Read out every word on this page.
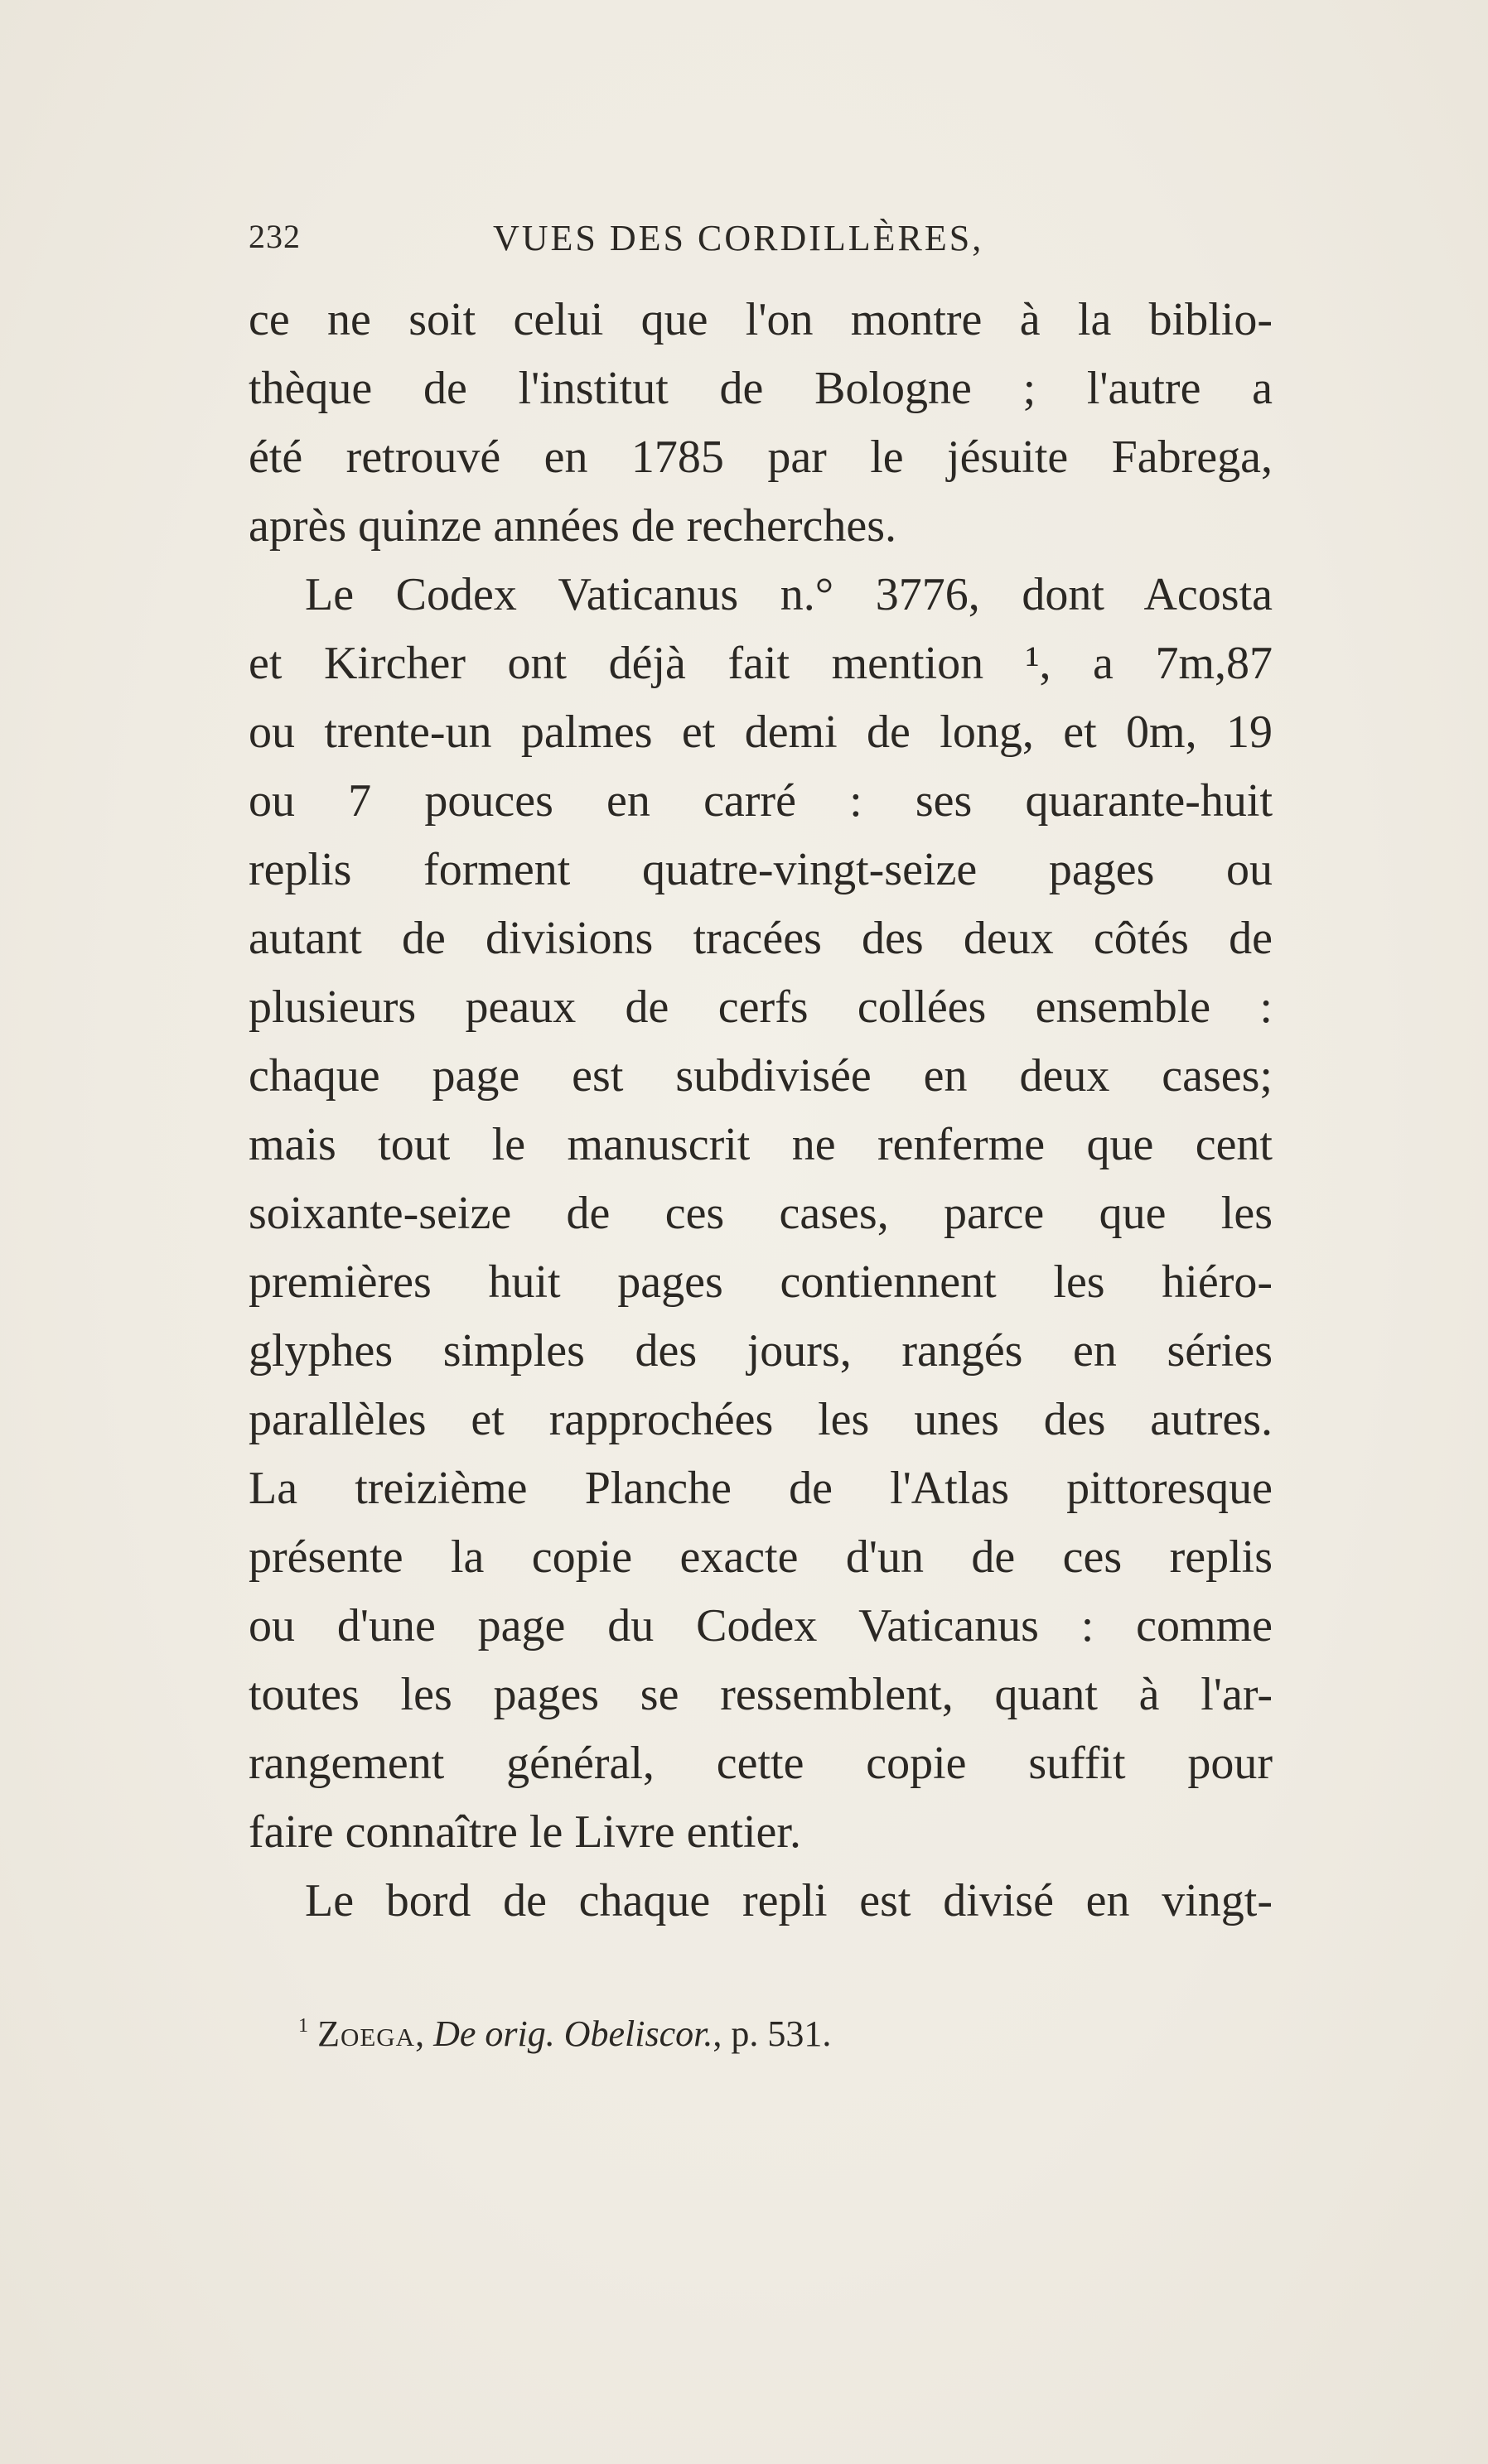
232	VUES DES CORDILLÈRES,
ce ne soit celui que l'on montre à la biblio-
thèque de l'institut de Bologne ; l'autre a
été retrouvé en 1785 par le jésuite Fabrega,
après quinze années de recherches.
Le Codex Vaticanus n.° 3776, dont Acosta
et Kircher ont déjà fait mention ¹, a 7m,87
ou trente-un palmes et demi de long, et 0m, 19
ou 7 pouces en carré : ses quarante-huit
replis forment quatre-vingt-seize pages ou
autant de divisions tracées des deux côtés de
plusieurs peaux de cerfs collées ensemble :
chaque page est subdivisée en deux cases;
mais tout le manuscrit ne renferme que cent
soixante-seize de ces cases, parce que les
premières huit pages contiennent les hiéro-
glyphes simples des jours, rangés en séries
parallèles et rapprochées les unes des autres.
La treizième Planche de l'Atlas pittoresque
présente la copie exacte d'un de ces replis
ou d'une page du Codex Vaticanus : comme
toutes les pages se ressemblent, quant à l'ar-
rangement général, cette copie suffit pour
faire connaître le Livre entier.
Le bord de chaque repli est divisé en vingt-
$^1$ Zoega, De orig. Obeliscor., p. 531.
